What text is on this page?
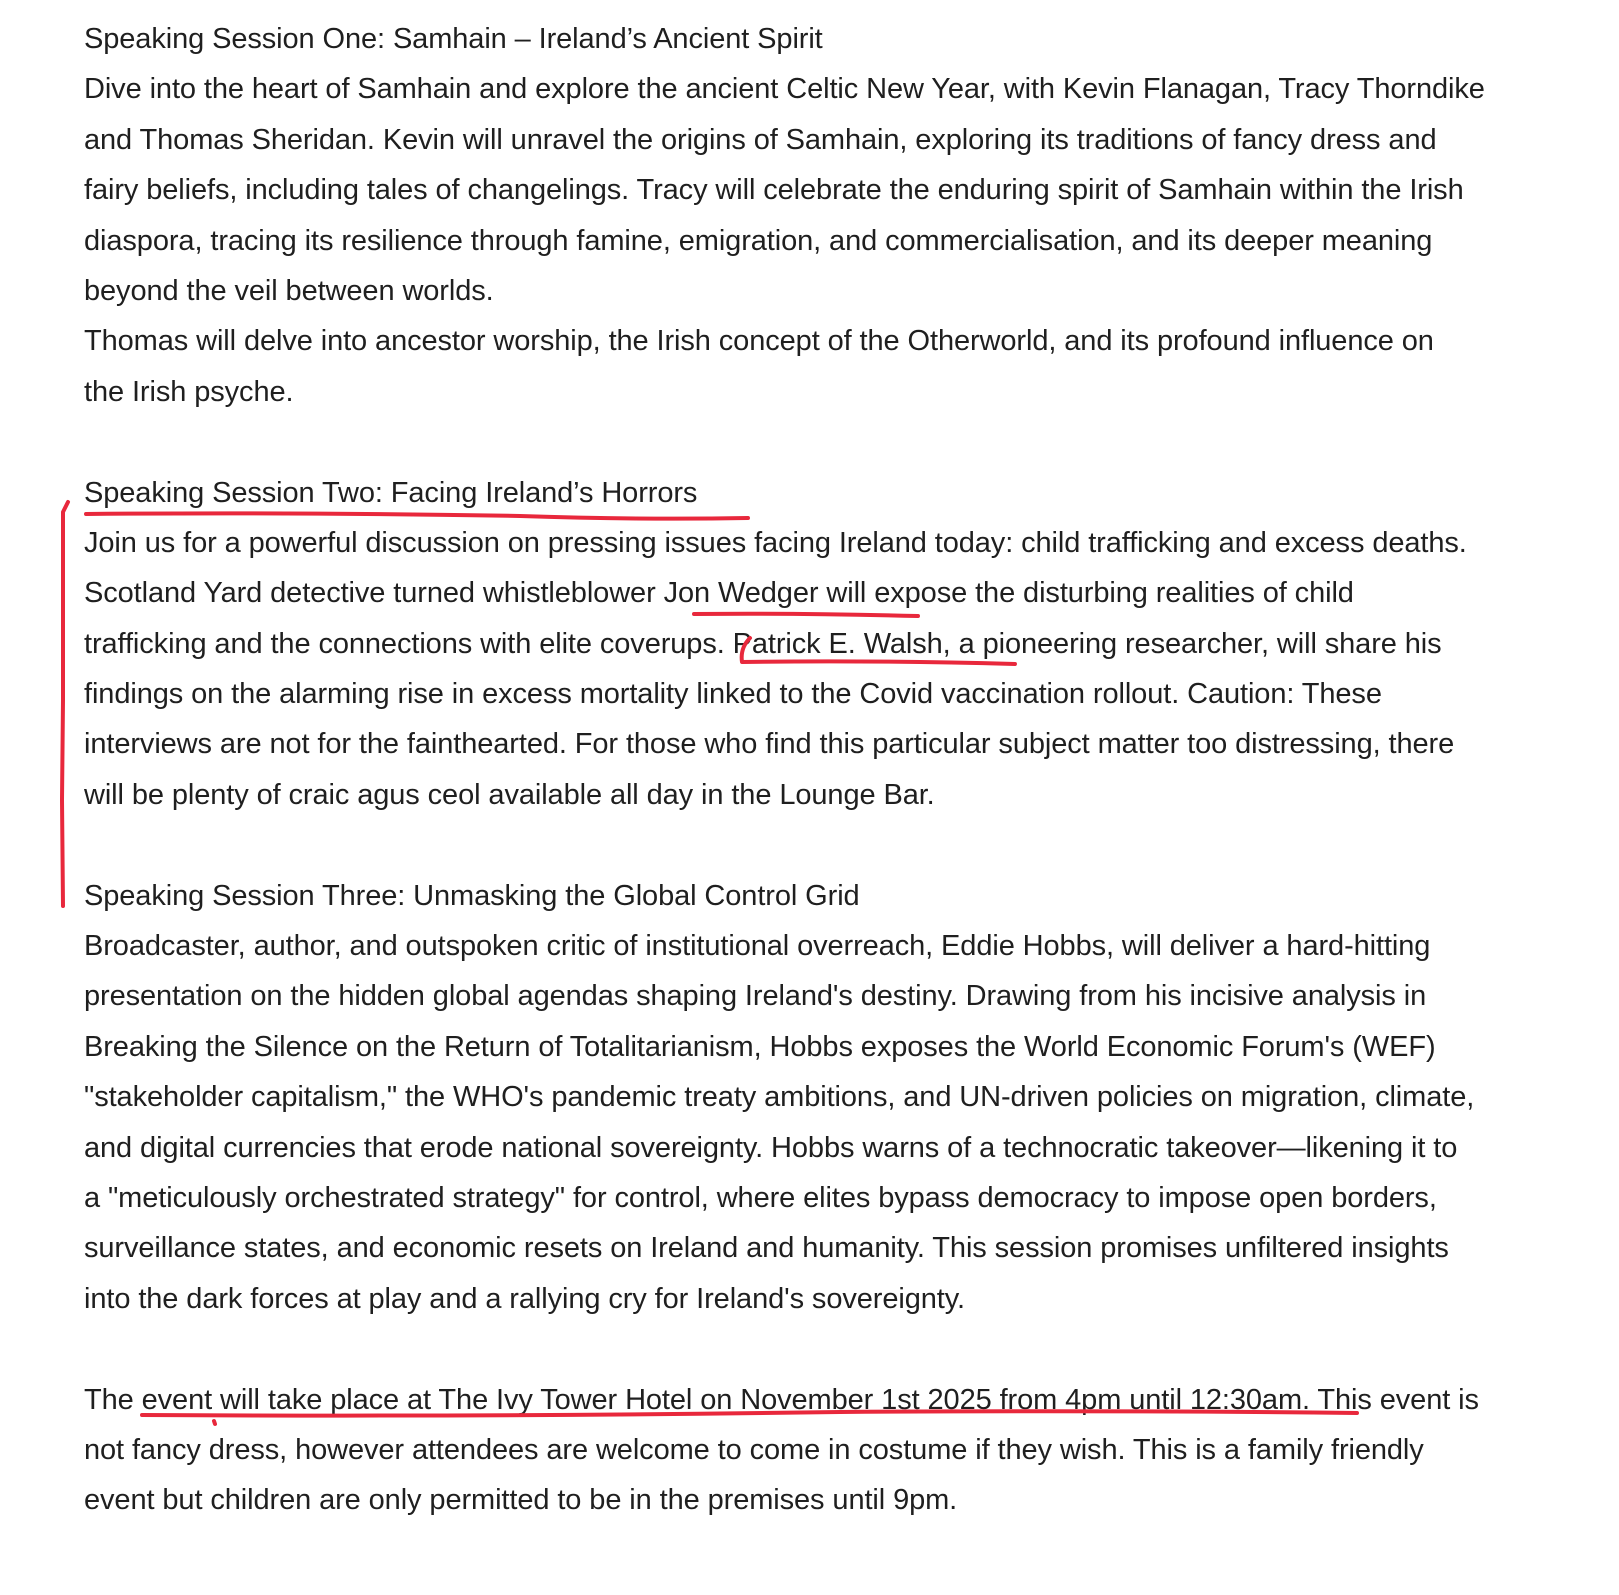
Speaking Session One: Samhain – Ireland’s Ancient Spirit
Dive into the heart of Samhain and explore the ancient Celtic New Year, with Kevin Flanagan, Tracy Thorndike
and Thomas Sheridan. Kevin will unravel the origins of Samhain, exploring its traditions of fancy dress and
fairy beliefs, including tales of changelings. Tracy will celebrate the enduring spirit of Samhain within the Irish
diaspora, tracing its resilience through famine, emigration, and commercialisation, and its deeper meaning
beyond the veil between worlds.
Thomas will delve into ancestor worship, the Irish concept of the Otherworld, and its profound influence on
the Irish psyche.
Speaking Session Two: Facing Ireland’s Horrors
Join us for a powerful discussion on pressing issues facing Ireland today: child trafficking and excess deaths.
Scotland Yard detective turned whistleblower Jon Wedger will expose the disturbing realities of child
trafficking and the connections with elite coverups. Patrick E. Walsh, a pioneering researcher, will share his
findings on the alarming rise in excess mortality linked to the Covid vaccination rollout. Caution: These
interviews are not for the fainthearted. For those who find this particular subject matter too distressing, there
will be plenty of craic agus ceol available all day in the Lounge Bar.
Speaking Session Three: Unmasking the Global Control Grid
Broadcaster, author, and outspoken critic of institutional overreach, Eddie Hobbs, will deliver a hard-hitting
presentation on the hidden global agendas shaping Ireland's destiny. Drawing from his incisive analysis in
Breaking the Silence on the Return of Totalitarianism, Hobbs exposes the World Economic Forum's (WEF)
"stakeholder capitalism," the WHO's pandemic treaty ambitions, and UN-driven policies on migration, climate,
and digital currencies that erode national sovereignty. Hobbs warns of a technocratic takeover—likening it to
a "meticulously orchestrated strategy" for control, where elites bypass democracy to impose open borders,
surveillance states, and economic resets on Ireland and humanity. This session promises unfiltered insights
into the dark forces at play and a rallying cry for Ireland's sovereignty.
The event will take place at The Ivy Tower Hotel on November 1st 2025 from 4pm until 12:30am. This event is
not fancy dress, however attendees are welcome to come in costume if they wish. This is a family friendly
event but children are only permitted to be in the premises until 9pm.
